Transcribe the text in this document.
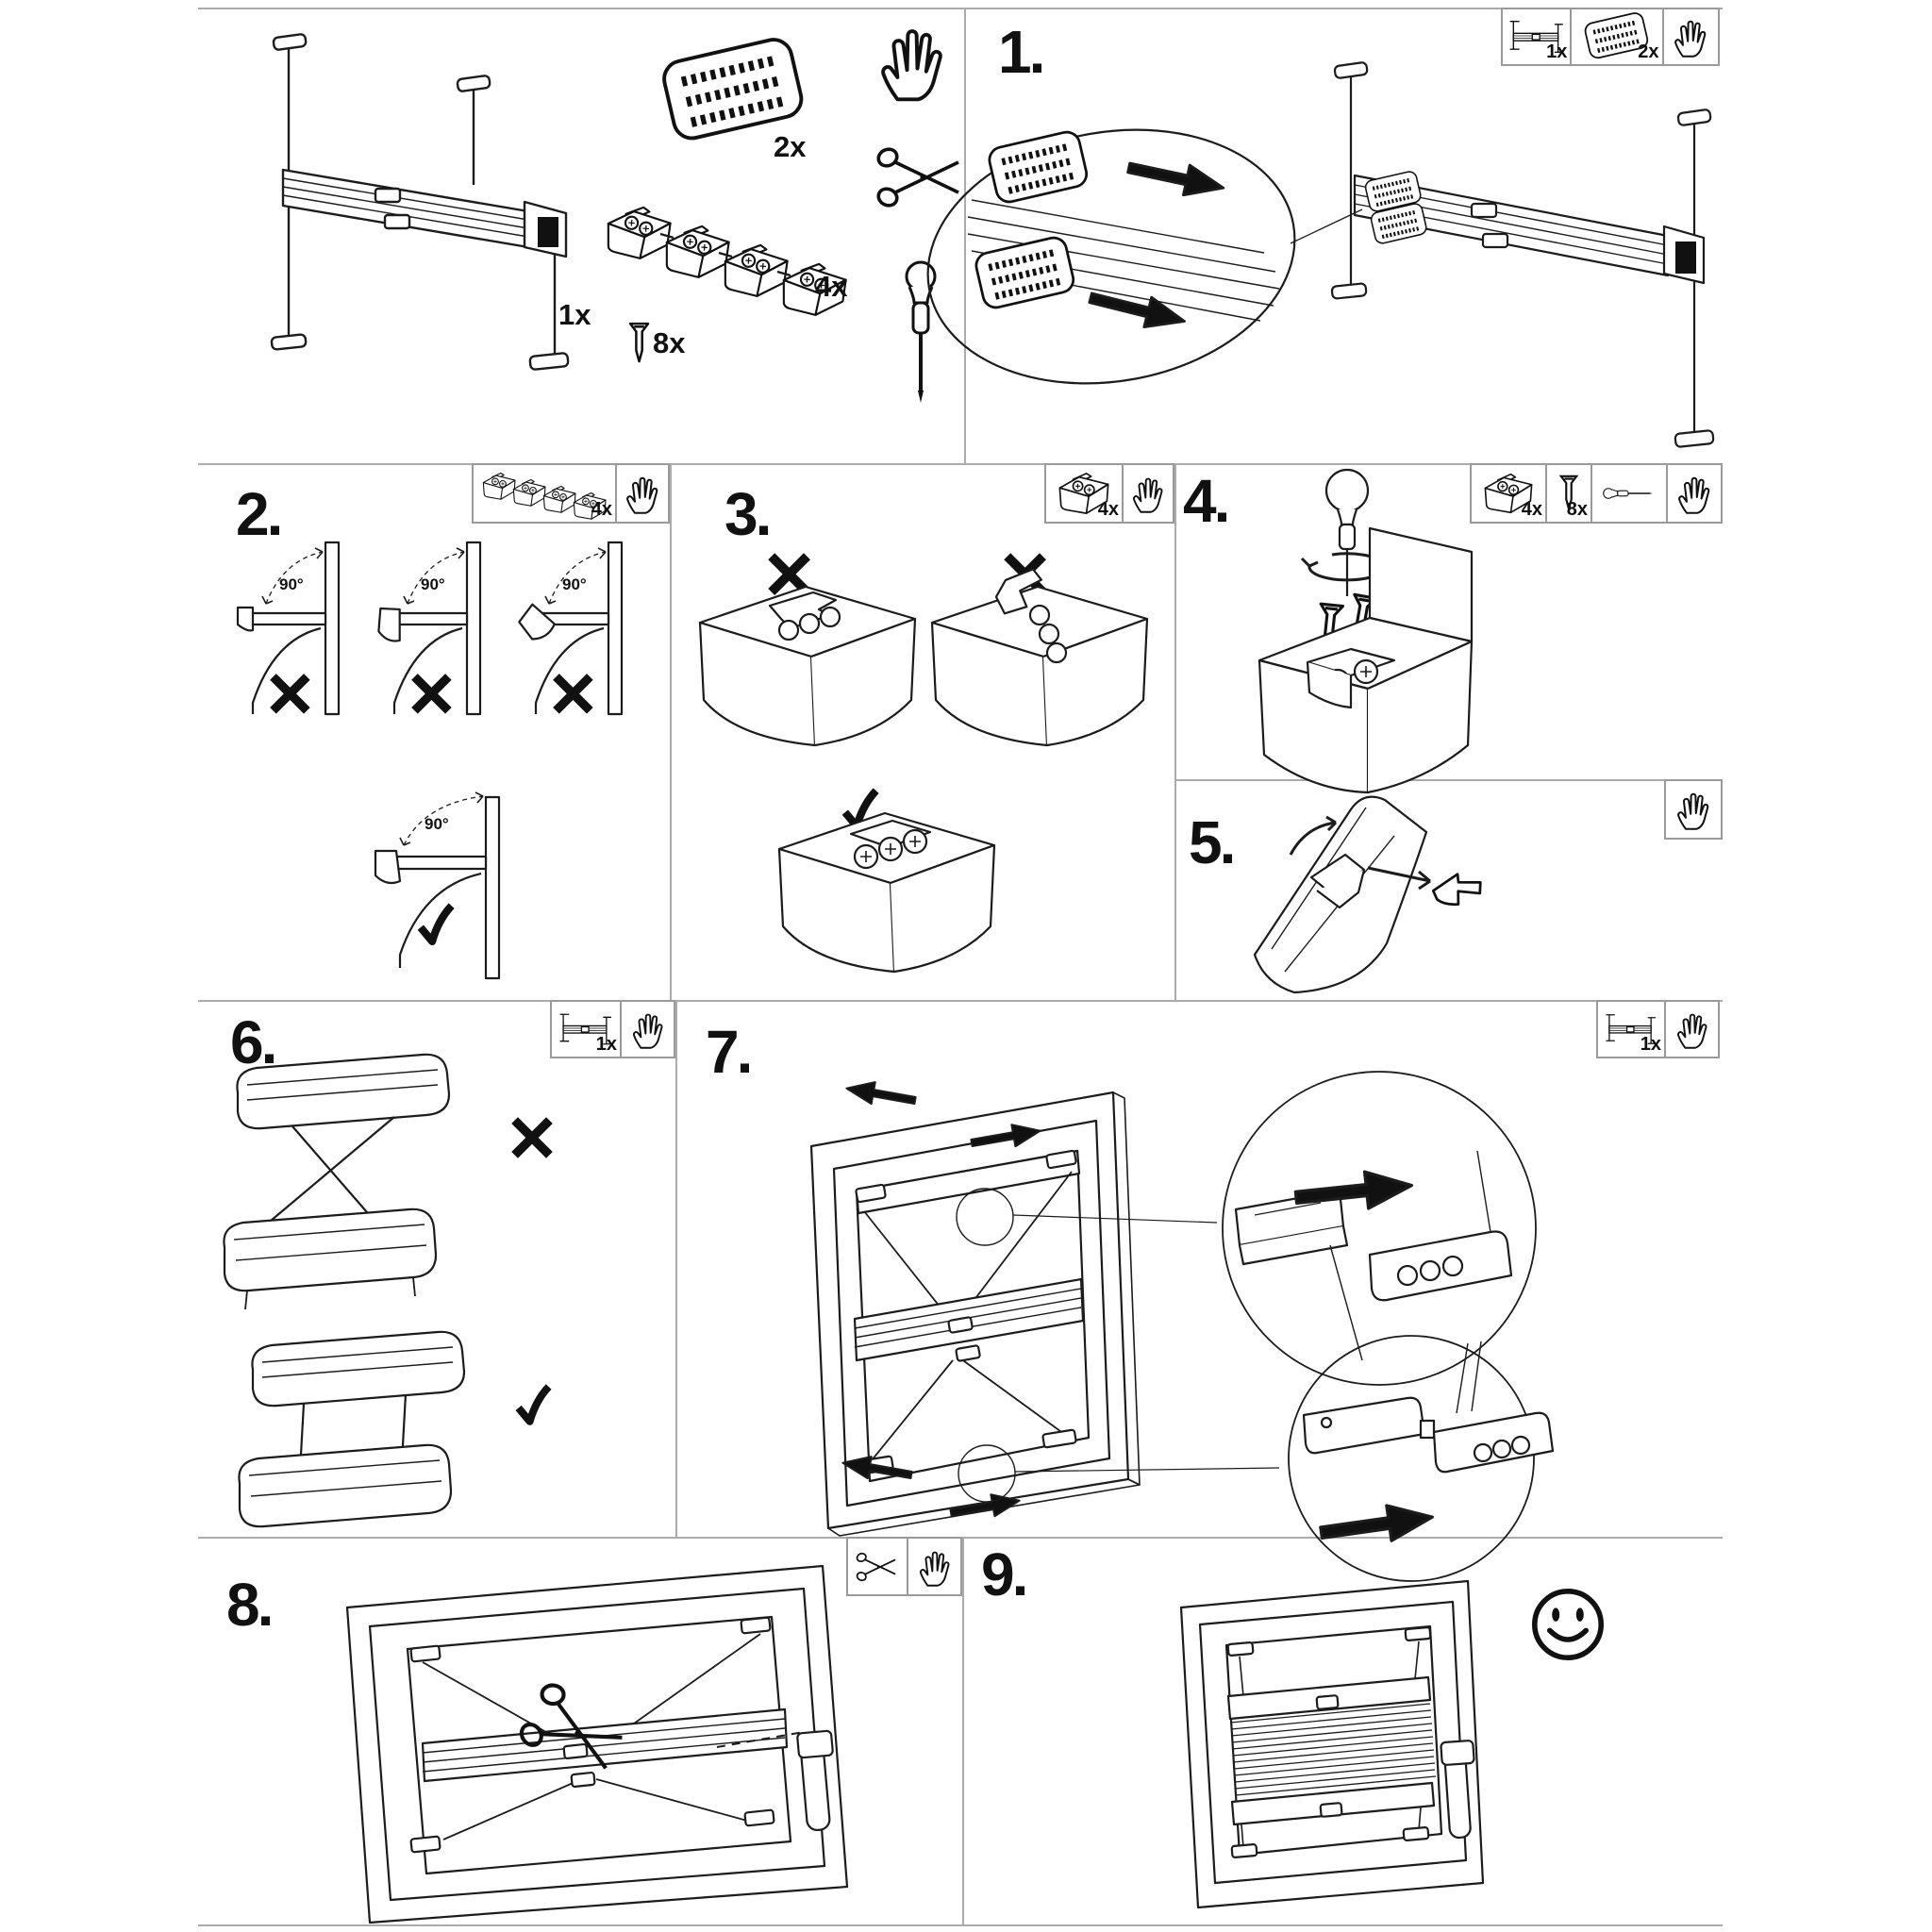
1.
2.	3.	4.
5.
6.	7.
8.	9.
1x	2x
4x	4x	4x 8x
1x	1x
1x
2x
4x
8x
90°	90°	90°
90°
